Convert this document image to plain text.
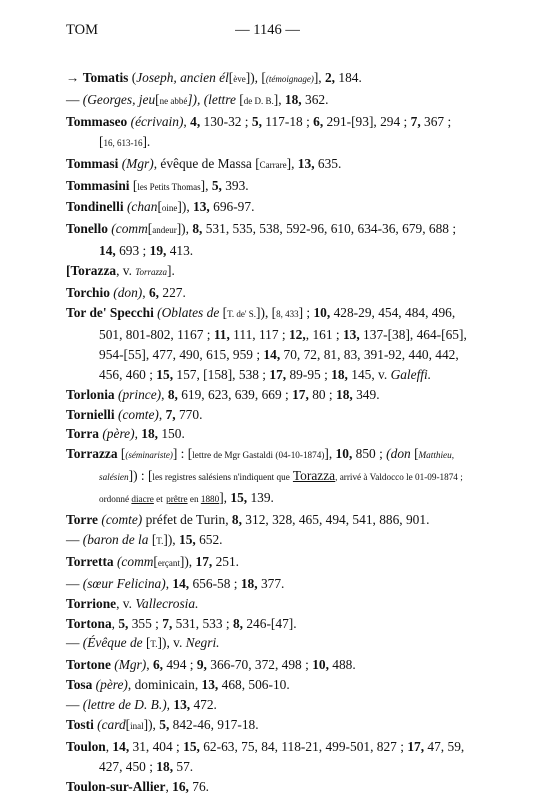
TOM	— 1146 —
→ Tomatis (Joseph, ancien él[ève]), [(témoignage)], 2, 184.
— (Georges, jeu[ne abbé]), (lettre [de D. B.], 18, 362.
Tommaseo (écrivain), 4, 130-32 ; 5, 117-18 ; 6, 291-[93], 294 ; 7, 367 ; [16, 613-16].
Tommasi (Mgr), évêque de Massa [Carrare], 13, 635.
Tommasini [les Petits Thomas], 5, 393.
Tondinelli (chan[oine]), 13, 696-97.
Tonello (comm[andeur]), 8, 531, 535, 538, 592-96, 610, 634-36, 679, 688 ; 14, 693 ; 19, 413.
[Torazza, v. Torrazza].
Torchio (don), 6, 227.
Tor de' Specchi (Oblates de [T. de' S.]), [8, 433] ; 10, 428-29, 454, 484, 496, 501, 801-802, 1167 ; 11, 111, 117 ; 12,, 161 ; 13, 137-[38], 464-[65], 954-[55], 477, 490, 615, 959 ; 14, 70, 72, 81, 83, 391-92, 440, 442, 456, 460 ; 15, 157, [158], 538 ; 17, 89-95 ; 18, 145, v. Galeffi.
Torlonia (prince), 8, 619, 623, 639, 669 ; 17, 80 ; 18, 349.
Tornielli (comte), 7, 770.
Torra (père), 18, 150.
Torrazza [(séminariste)] : [lettre de Mgr Gastaldi (04-10-1874)], 10, 850 ; (don [Matthieu, salésien]) : [les registres salésiens n'indiquent que Torazza, arrivé à Valdocco le 01-09-1874 ; ordonné diacre et prêtre en 1880], 15, 139.
Torre (comte) préfet de Turin, 8, 312, 328, 465, 494, 541, 886, 901.
— (baron de la [T.]), 15, 652.
Torretta (comm[erçant]), 17, 251.
— (sœur Felicina), 14, 656-58 ; 18, 377.
Torrione, v. Vallecrosia.
Tortona, 5, 355 ; 7, 531, 533 ; 8, 246-[47].
— (Évêque de [T.]), v. Negri.
Tortone (Mgr), 6, 494 ; 9, 366-70, 372, 498 ; 10, 488.
Tosa (père), dominicain, 13, 468, 506-10.
— (lettre de D. B.), 13, 472.
Tosti (card[inal]), 5, 842-46, 917-18.
Toulon, 14, 31, 404 ; 15, 62-63, 75, 84, 118-21, 499-501, 827 ; 17, 47, 59, 427, 450 ; 18, 57.
Toulon-sur-Allier, 16, 76.
